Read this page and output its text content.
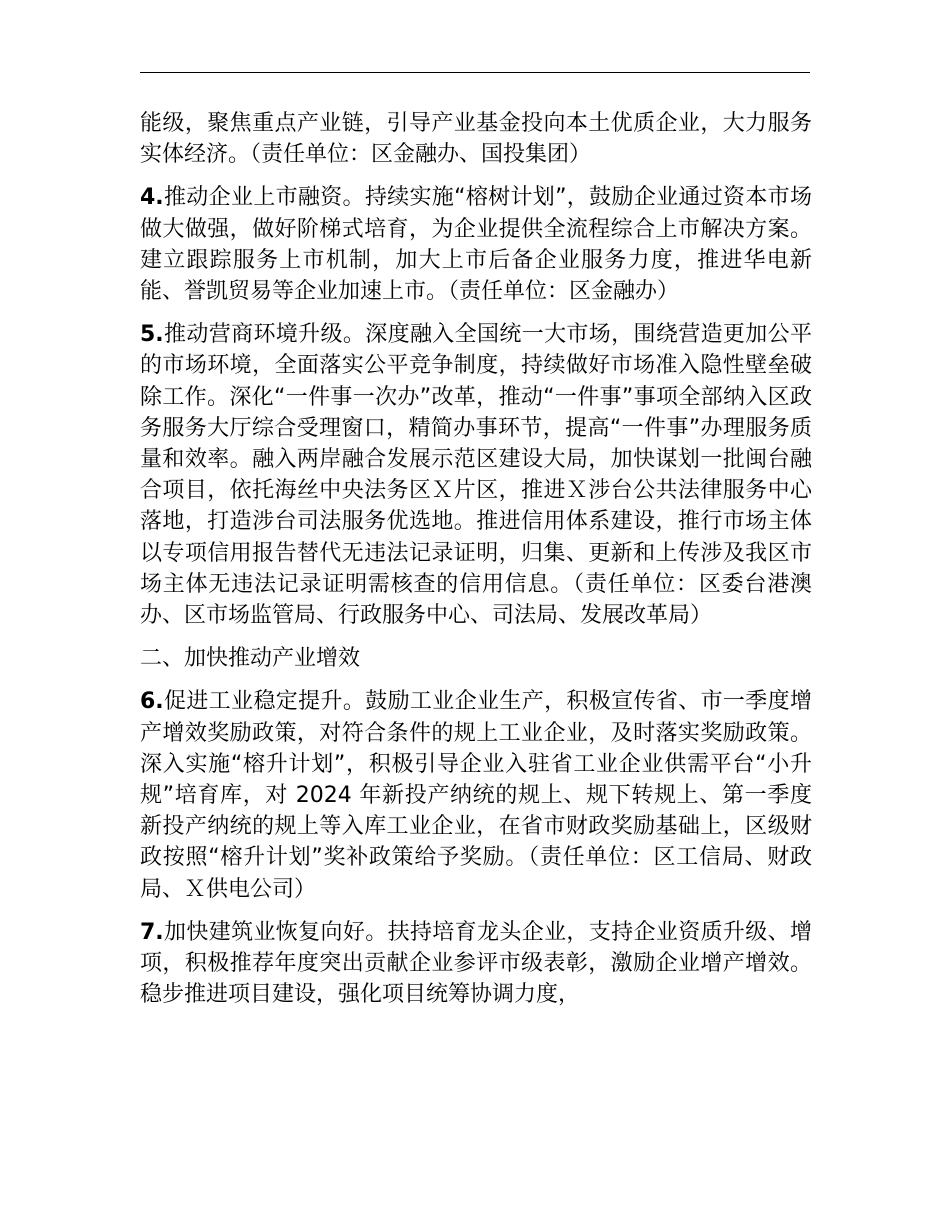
能级，聚焦重点产业链，引导产业基金投向本土优质企业，大力服务实体经济。（责任单位：区金融办、国投集团）

4.推动企业上市融资。持续实施“榕树计划”，鼓励企业通过资本市场做大做强，做好阶梯式培育，为企业提供全流程综合上市解决方案。建立跟踪服务上市机制，加大上市后备企业服务力度，推进华电新能、誉凯贸易等企业加速上市。（责任单位：区金融办）

5.推动营商环境升级。深度融入全国统一大市场，围绕营造更加公平的市场环境，全面落实公平竞争制度，持续做好市场准入隐性壁垒破除工作。深化“一件事一次办”改革，推动“一件事”事项全部纳入区政务服务大厅综合受理窗口，精简办事环节，提高“一件事”办理服务质量和效率。融入两岸融合发展示范区建设大局，加快谋划一批闽台融合项目，依托海丝中央法务区Ｘ片区，推进Ｘ涉台公共法律服务中心落地，打造涉台司法服务优选地。推进信用体系建设，推行市场主体以专项信用报告替代无违法记录证明，归集、更新和上传涉及我区市场主体无违法记录证明需核查的信用信息。（责任单位：区委台港澳办、区市场监管局、行政服务中心、司法局、发展改革局）

二、加快推动产业增效

6.促进工业稳定提升。鼓励工业企业生产，积极宣传省、市一季度增产增效奖励政策，对符合条件的规上工业企业，及时落实奖励政策。深入实施“榕升计划”，积极引导企业入驻省工业企业供需平台“小升规”培育库，对 2024 年新投产纳统的规上、规下转规上、第一季度新投产纳统的规上等入库工业企业，在省市财政奖励基础上，区级财政按照“榕升计划”奖补政策给予奖励。（责任单位：区工信局、财政局、Ｘ供电公司）

7.加快建筑业恢复向好。扶持培育龙头企业，支持企业资质升级、增项，积极推荐年度突出贡献企业参评市级表彰，激励企业增产增效。稳步推进项目建设，强化项目统筹协调力度，
